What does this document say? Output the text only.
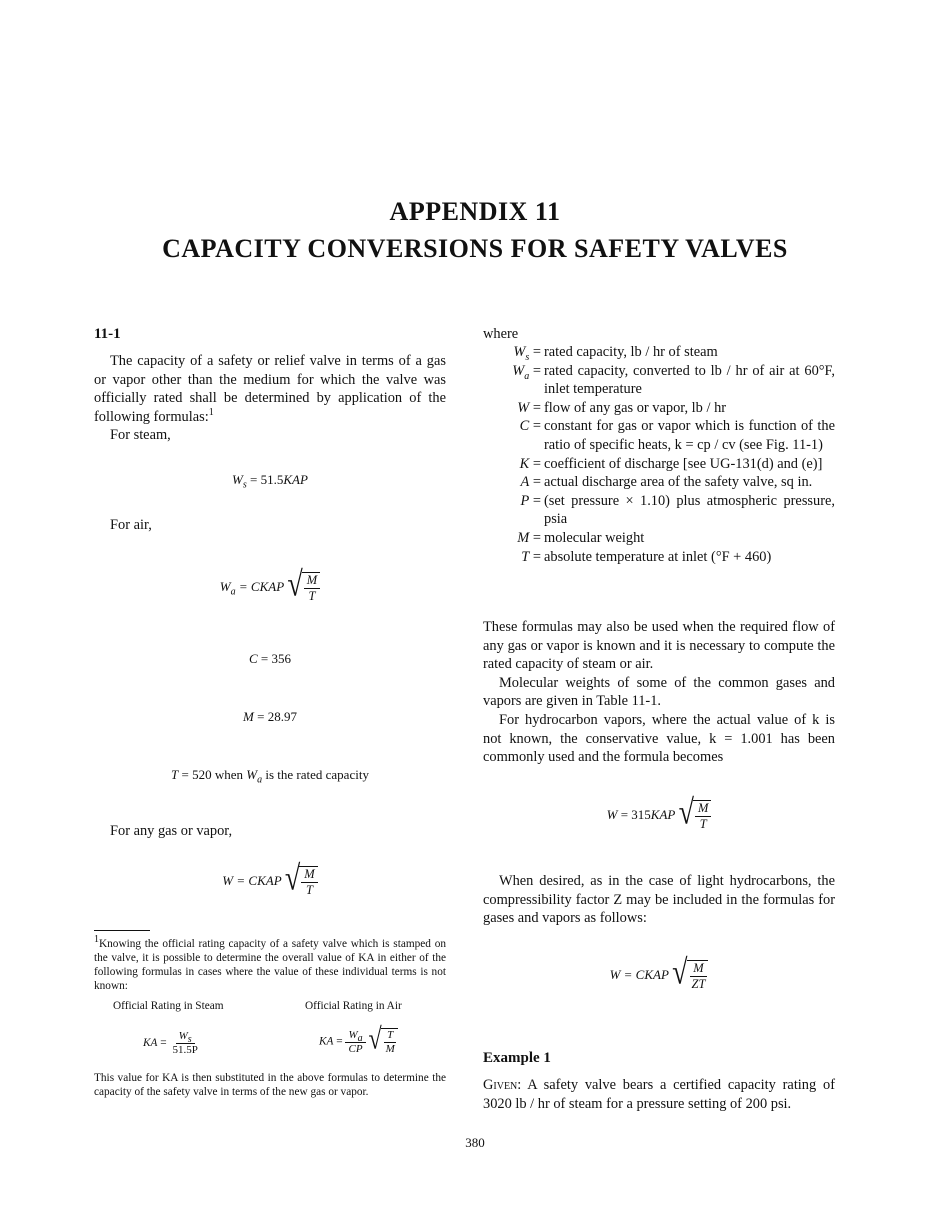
APPENDIX 11
CAPACITY CONVERSIONS FOR SAFETY VALVES
11-1

The capacity of a safety or relief valve in terms of a gas or vapor other than the medium for which the valve was officially rated shall be determined by application of the following formulas:$^1$

For steam,

$W_s = 51.5KAP$
For air,
$W_a$ = CKAP √ $\frac{M}{T}$
C = 356
M = 28.97
T = 520 when $W_a$ is the rated capacity
For any gas or vapor,
W = CKAP √ $\frac{M}{T}$
$^1$Knowing the official rating capacity of a safety valve which is stamped on the valve, it is possible to determine the overall value of KA in either of the following formulas in cases where the value of these individual terms is not known:
Official Rating in Steam	Official Rating in Air
KA = $\frac{W_s}{51.5P}$	KA = $\frac{W_a}{CP}$
√ $\frac{T}{M}$
This value for KA is then substituted in the above formulas to determine the capacity of the safety valve in terms of the new gas or vapor.
where
$W_s$ = rated capacity, lb / hr of steam
$W_a$ = rated capacity, converted to lb / hr of air at 60°F, inlet temperature
W = flow of any gas or vapor, lb / hr
C = constant for gas or vapor which is function of the ratio of specific heats, k = cp / cv (see Fig. 11-1)
K = coefficient of discharge [see UG-131(d) and (e)]
A = actual discharge area of the safety valve, sq in.
P = (set pressure × 1.10) plus atmospheric pressure, psia
M = molecular weight
T = absolute temperature at inlet (°F + 460)

These formulas may also be used when the required flow of any gas or vapor is known and it is necessary to compute the rated capacity of steam or air.

Molecular weights of some of the common gases and vapors are given in Table 11-1.

For hydrocarbon vapors, where the actual value of k is not known, the conservative value, k = 1.001 has been commonly used and the formula becomes

W = 315KAP √ $\frac{M}{T}$
When desired, as in the case of light hydrocarbons, the compressibility factor Z may be included in the formulas for gases and vapors as follows:
W = CKAP √ $\frac{M}{ZT}$
Example 1
Given: A safety valve bears a certified capacity rating of 3020 lb / hr of steam for a pressure setting of 200 psi.
380
